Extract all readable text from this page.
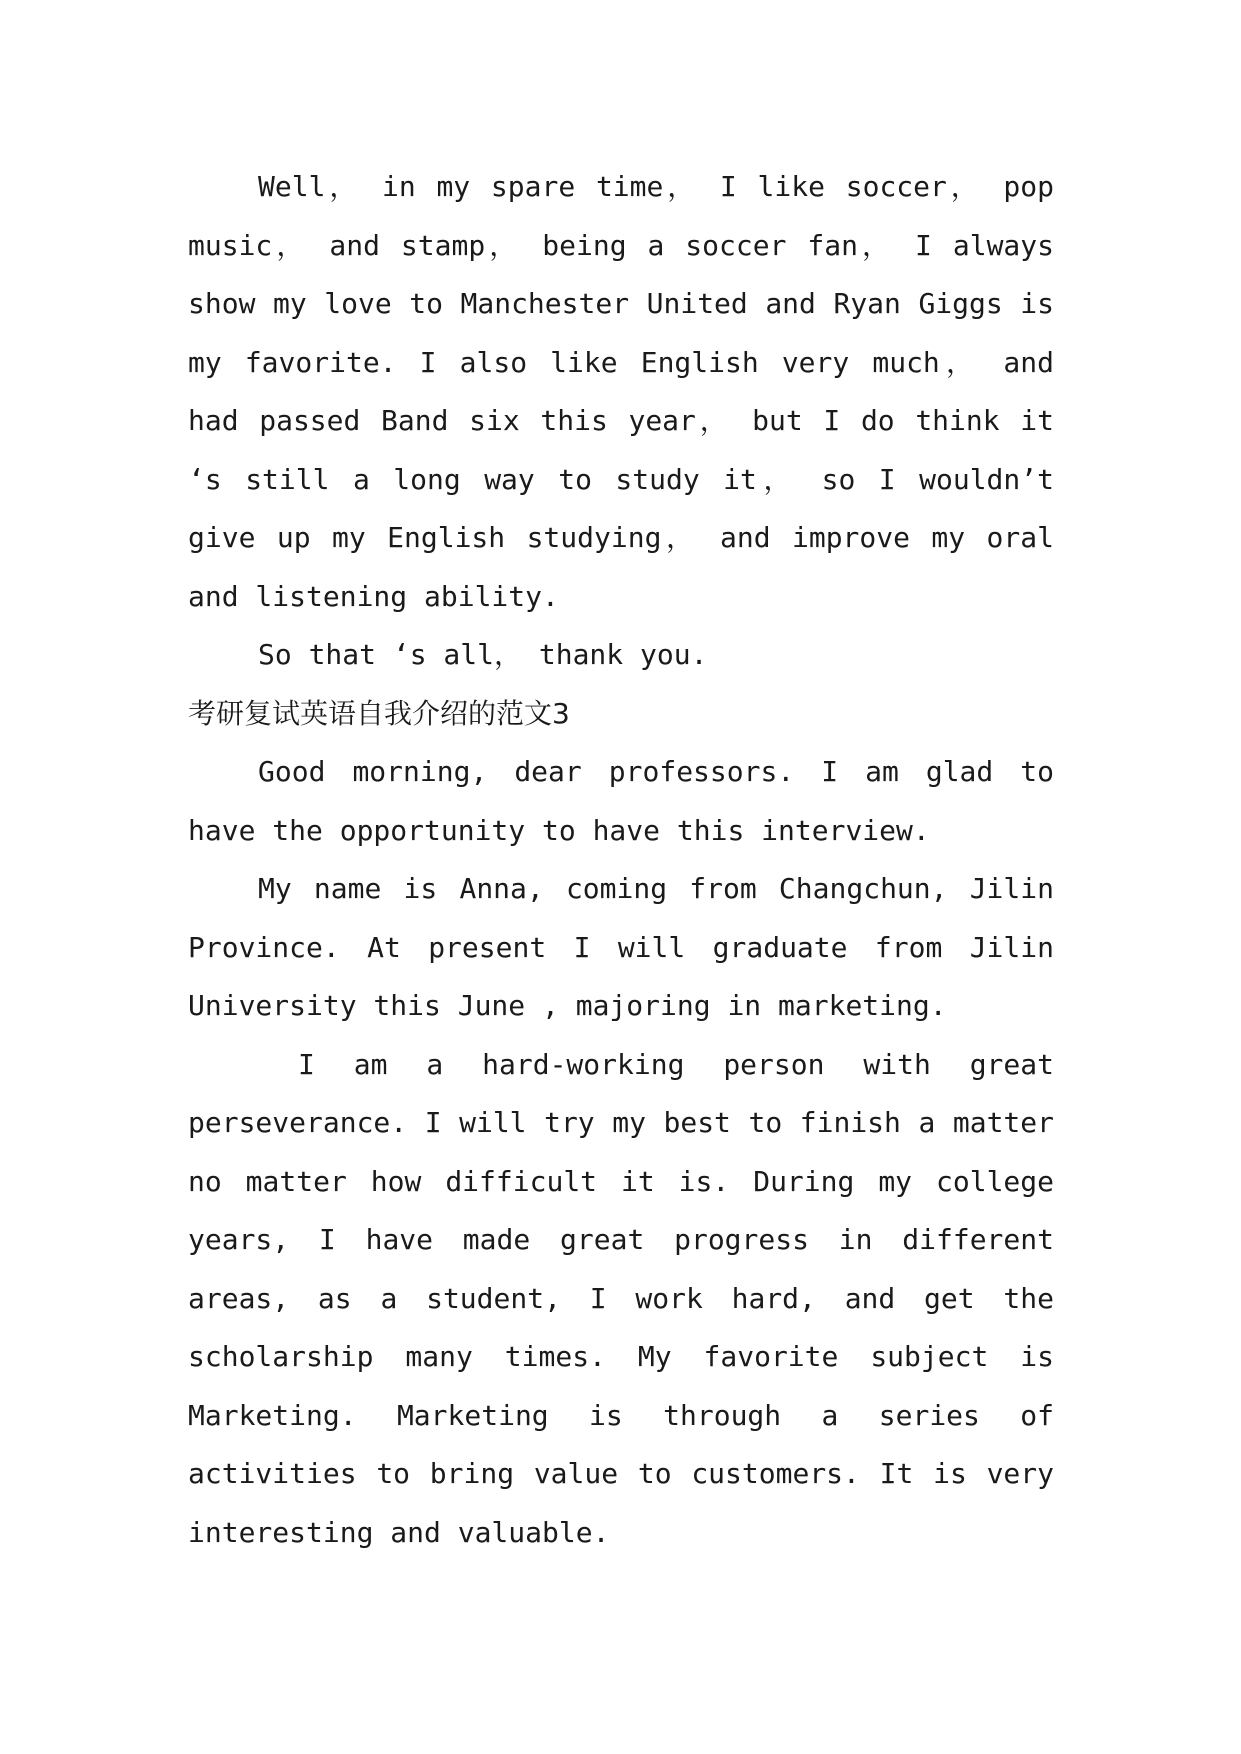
Well， in my spare time， I like soccer， pop music， and stamp， being a soccer fan， I always show my love to Manchester United and Ryan Giggs is my favorite. I also like English very much， and had passed Band six this year， but I do think it ‘s still a long way to study it， so I wouldn’t give up my English studying， and improve my oral and listening ability.

So that ‘s all， thank you.

考研复试英语自我介绍的范文3

Good morning, dear professors. I am glad to have the opportunity to have this interview.

My name is Anna, coming from Changchun, Jilin Province. At present I will graduate from Jilin University this June , majoring in marketing.

I am a hard-working person with great perseverance. I will try my best to finish a matter no matter how difficult it is. During my college years, I have made great progress in different areas, as a student, I work hard, and get the scholarship many times. My favorite subject is Marketing. Marketing is through a series of activities to bring value to customers. It is very interesting and valuable.
